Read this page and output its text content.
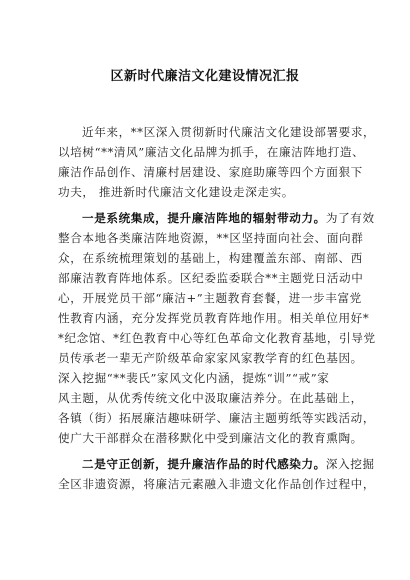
区新时代廉洁文化建设情况汇报
近年来，**区深入贯彻新时代廉洁文化建设部署要求，
以培树“**清风”廉洁文化品牌为抓手，在廉洁阵地打造、
廉洁作品创作、清廉村居建设、家庭助廉等四个方面狠下
功夫， 推进新时代廉洁文化建设走深走实。
一是系统集成，提升廉洁阵地的辐射带动力。为了有效
整合本地各类廉洁阵地资源，**区坚持面向社会、面向群
众，在系统梳理策划的基础上，构建覆盖东部、南部、西
部廉洁教育阵地体系。区纪委监委联合**主题党日活动中
心，开展党员干部“廉洁+”主题教育套餐，进一步丰富党
性教育内涵，充分发挥党员教育阵地作用。相关单位用好*
*纪念馆、*红色教育中心等红色革命文化教育基地，引导党
员传承老一辈无产阶级革命家家风家教学育的红色基因。
深入挖掘“**裴氏”家风文化内涵，提炼“训”“戒”家
风主题，从优秀传统文化中汲取廉洁养分。在此基础上，
各镇（街）拓展廉洁趣味研学、廉洁主题剪纸等实践活动，
使广大干部群众在潜移默化中受到廉洁文化的教育熏陶。
二是守正创新，提升廉洁作品的时代感染力。深入挖掘
全区非遗资源，将廉洁元素融入非遗文化作品创作过程中，
